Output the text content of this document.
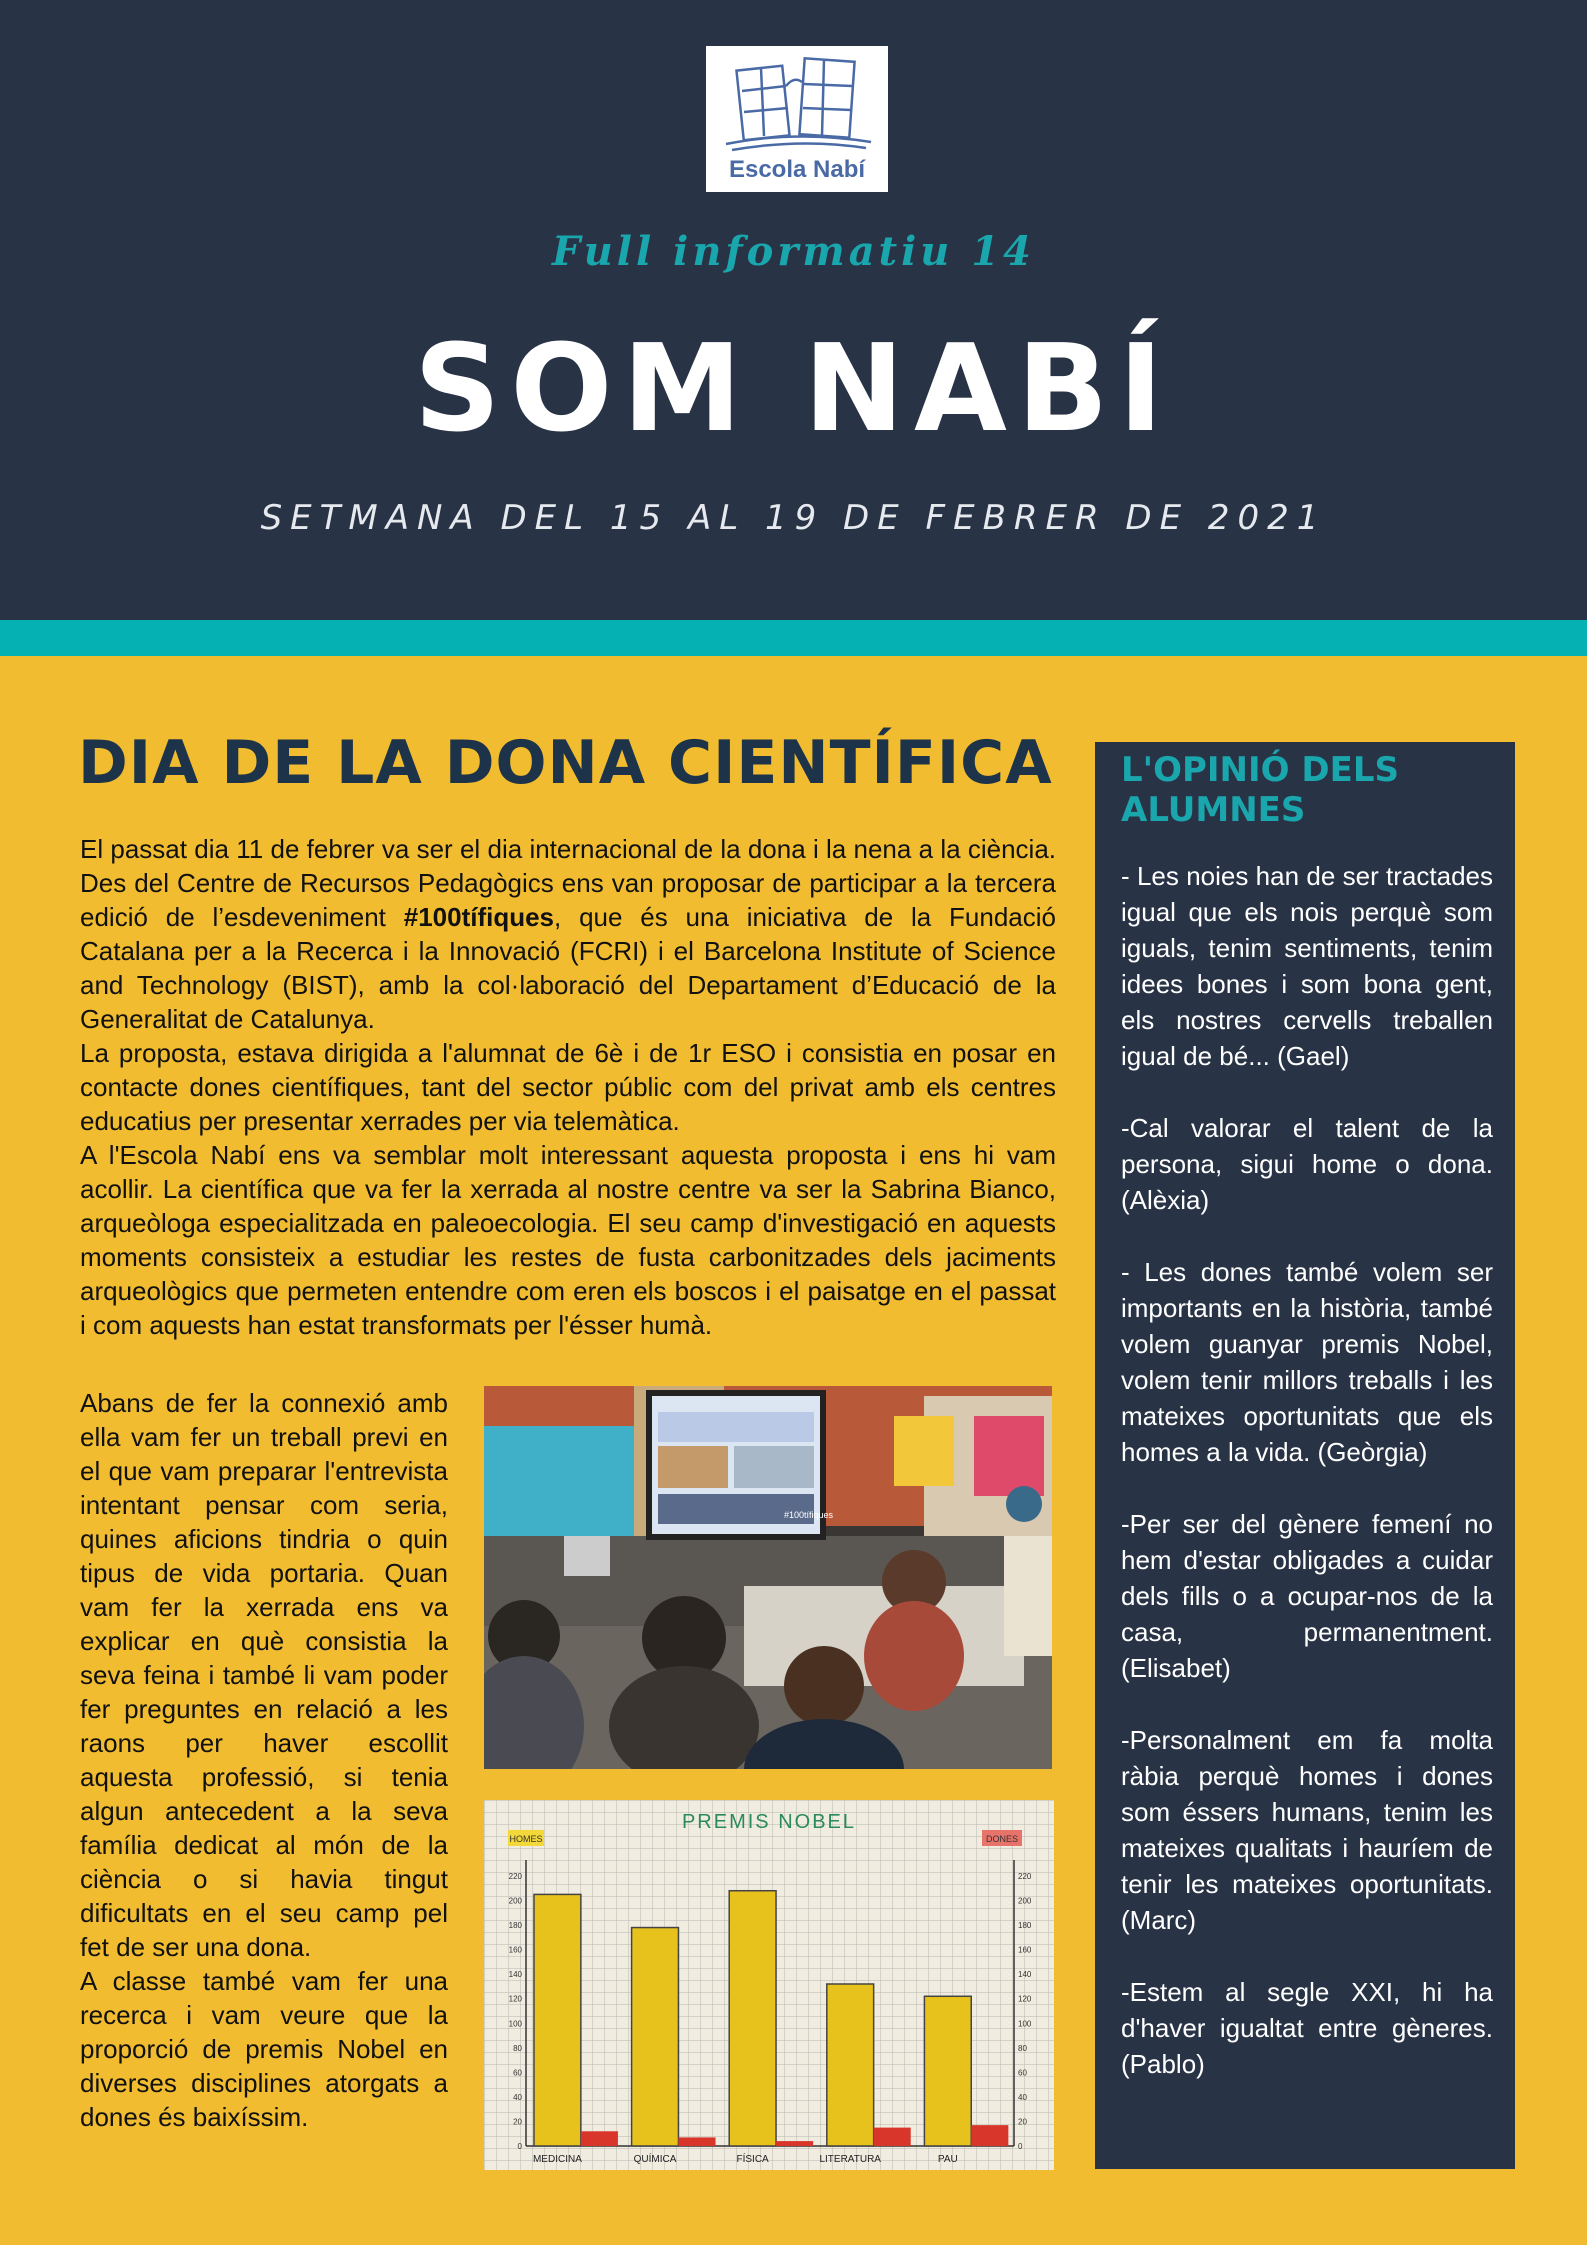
Escola Nabí
Full informatiu 14
SOM NABÍ
SETMANA DEL 15 AL 19 DE FEBRER DE 2021
DIA DE LA DONA CIENTÍFICA

El passat dia 11 de febrer va ser el dia internacional de la dona i la nena a la ciència. Des del Centre de Recursos Pedagògics ens van proposar de participar a la tercera edició de l’esdeveniment #100tífiques, que és una iniciativa de la Fundació Catalana per a la Recerca i la Innovació (FCRI) i el Barcelona Institute of Science and Technology (BIST), amb la col·laboració del Departament d’Educació de la Generalitat de Catalunya.

La proposta, estava dirigida a l'alumnat de 6è i de 1r ESO i consistia en posar en contacte dones científiques, tant del sector públic com del privat amb els centres educatius per presentar xerrades per via telemàtica.

A l'Escola Nabí ens va semblar molt interessant aquesta proposta i ens hi vam acollir. La científica que va fer la xerrada al nostre centre va ser la Sabrina Bianco, arqueòloga especialitzada en paleoecologia. El seu camp d'investigació en aquests moments consisteix a estudiar les restes de fusta carbonitzades dels jaciments arqueològics que permeten entendre com eren els boscos i el paisatge en el passat i com aquests han estat transformats per l'ésser humà.

Abans de fer la connexió amb ella vam fer un treball previ en el que vam preparar l'entrevista intentant pensar com seria, quines aficions tindria o quin tipus de vida portaria. Quan vam fer la xerrada ens va explicar en què consistia la seva feina i també li vam poder fer preguntes en relació a les raons per haver escollit aquesta professió, si tenia algun antecedent a la seva família dedicat al món de la ciència o si havia tingut dificultats en el seu camp pel fet de ser una dona.

A classe també vam fer una recerca i vam veure que la proporció de premis Nobel en diverses disciplines atorgats a dones és baixíssim.

#100tífiques
PREMIS NOBEL
HOMES	DONES
0
20
40
60
80
100
120
140
160
180
200
220
0
20
40
60
80
100
120
140
160
180
200
220
MEDICINA	QUÍMICA	FÍSICA	LITERATURA	PAU
L'OPINIÓ DELS ALUMNES

- Les noies han de ser tractades igual que els nois perquè som iguals, tenim sentiments, tenim idees bones i som bona gent, els nostres cervells treballen igual de bé... (Gael)

-Cal valorar el talent de la persona, sigui home o dona. (Alèxia)

- Les dones també volem ser importants en la història, també volem guanyar premis Nobel, volem tenir millors treballs i les mateixes oportunitats que els homes a la vida. (Geòrgia)

-Per ser del gènere femení no hem d'estar obligades a cuidar dels fills o a ocupar-nos de la casa, permanentment. (Elisabet)

-Personalment em fa molta ràbia perquè homes i dones som éssers humans, tenim les mateixes qualitats i hauríem de tenir les mateixes oportunitats. (Marc)

-Estem al segle XXI, hi ha d'haver igualtat entre gèneres. (Pablo)
